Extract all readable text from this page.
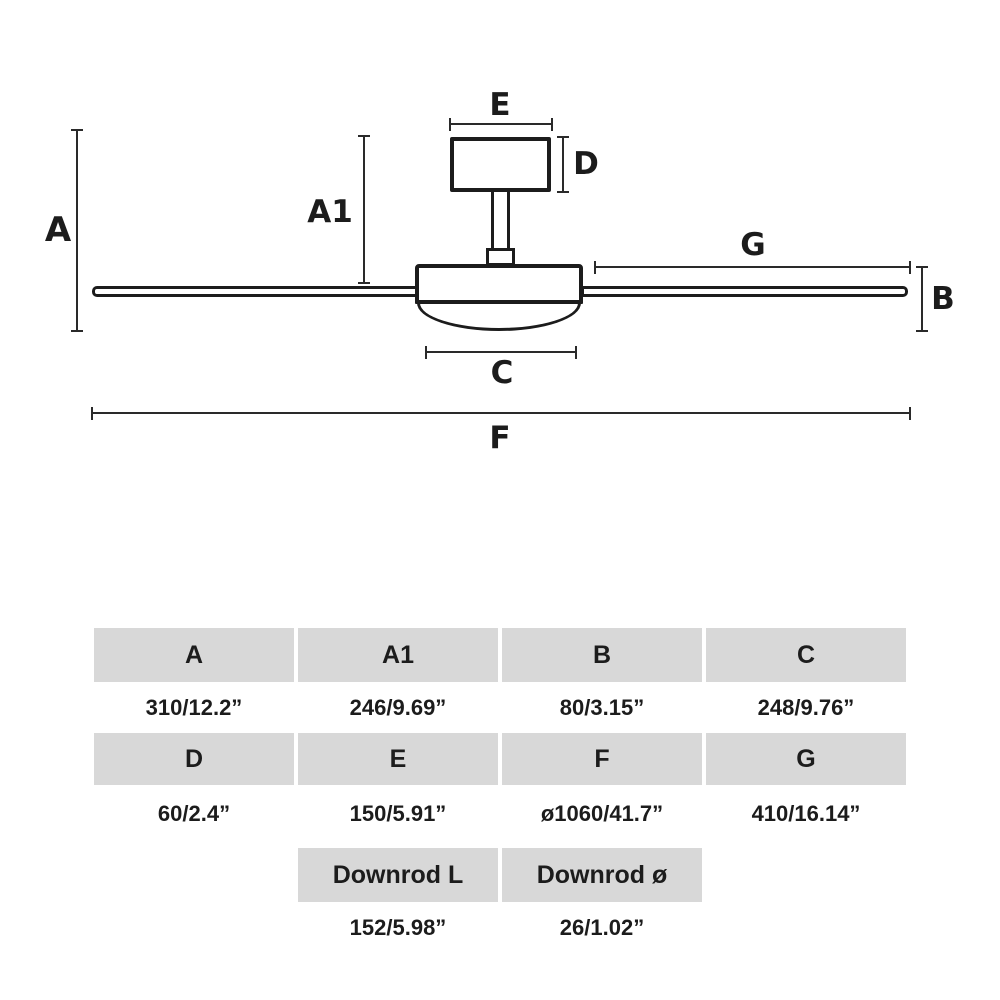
A	A1
E
D
G
B
C
F
A	A1	B	C
310/12.2”	246/9.69”	80/3.15”	248/9.76”
D	E	F	G
60/2.4”	150/5.91”	ø1060/41.7”	410/16.14”
Downrod L	Downrod ø
152/5.98”	26/1.02”
